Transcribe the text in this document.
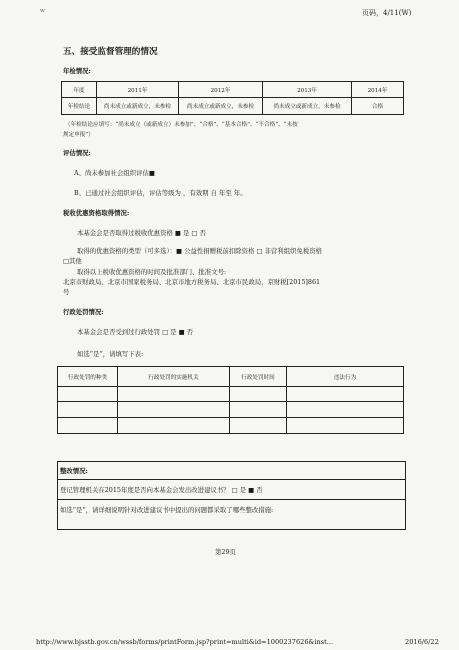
w	页码，4/11(W)
五、接受监督管理的情况
年检情况:
年度	2011年	2012年	2013年	2014年
年检结论	尚未成立或新成立，未参检	尚未成立或新成立，未参检	尚未成立或新成立，未参检	合格
（年检结论应填写：“尚未成立（或新成立）未参加”、“合格”、“基本合格”、“不合格”、“未按
规定申报”）
评估情况:
A、尚未参加社会组织评估■
B、已通过社会组织评估，评估等级为 ，有效期 自 年至 年。
税收优惠资格取得情况:
本基金会是否取得过税收优惠资格 ■ 是 □ 否
取得的优惠资格的类型（可多选）：■ 公益性捐赠税前扣除资格 □ 非营利组织免税资格
□其他
取得以上税收优惠资格的时间及批准部门、批准文号:
北京市财政局、北京市国家税务局、北京市地方税务局、北京市民政局，京财税[2015]861
号
行政处罚情况:
本基金会是否受到过行政处罚 □ 是 ■ 否
如选“是”，请填写下表:
行政处罚的种类	行政处罚的实施机关	行政处罚时间	违法行为

整改情况:
登记管理机关在2015年度是否向本基金会发出改进建议书？ □ 是 ■ 否
如选“是”，请详细说明针对改进建议书中提出的问题都采取了哪些整改措施:
第29页
http://www.bjsstb.gov.cn/wssb/forms/printForm.jsp?print=multi&id=1000237626&inst...	2016/6/22
